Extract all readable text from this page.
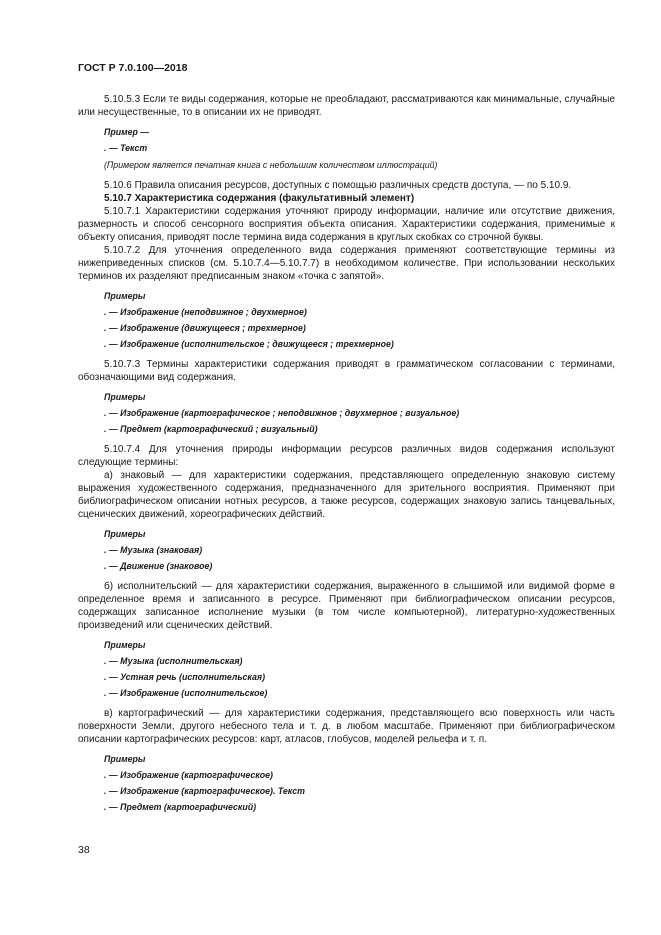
ГОСТ Р 7.0.100—2018

5.10.5.3 Если те виды содержания, которые не преобладают, рассматриваются как минимальные, случайные или несущественные, то в описании их не приводят.

Пример —

. — Текст

(Примером является печатная книга с небольшим количеством иллюстраций)

5.10.6 Правила описания ресурсов, доступных с помощью различных средств доступа, — по 5.10.9.

5.10.7 Характеристика содержания (факультативный элемент)

5.10.7.1 Характеристики содержания уточняют природу информации, наличие или отсутствие движения, размерность и способ сенсорного восприятия объекта описания. Характеристики содержания, применимые к объекту описания, приводят после термина вида содержания в круглых скобках со строчной буквы.

5.10.7.2 Для уточнения определенного вида содержания применяют соответствующие термины из нижеприведенных списков (см. 5.10.7.4—5.10.7.7) в необходимом количестве. При использовании нескольких терминов их разделяют предписанным знаком «точка с запятой».

Примеры

. — Изображение (неподвижное ; двухмерное)

. — Изображение (движущееся ; трехмерное)

. — Изображение (исполнительское ; движущееся ; трехмерное)

5.10.7.3 Термины характеристики содержания приводят в грамматическом согласовании с терминами, обозначающими вид содержания.

Примеры

. — Изображение (картографическое ; неподвижное ; двухмерное ; визуальное)

. — Предмет (картографический ; визуальный)

5.10.7.4 Для уточнения природы информации ресурсов различных видов содержания используют следующие термины:

а) знаковый — для характеристики содержания, представляющего определенную знаковую систему выражения художественного содержания, предназначенного для зрительного восприятия. Применяют при библиографическом описании нотных ресурсов, а также ресурсов, содержащих знаковую запись танцевальных, сценических движений, хореографических действий.

Примеры

. — Музыка (знаковая)

. — Движение (знаковое)

б) исполнительский — для характеристики содержания, выраженного в слышимой или видимой форме в определенное время и записанного в ресурсе. Применяют при библиографическом описании ресурсов, содержащих записанное исполнение музыки (в том числе компьютерной), литературно-художественных произведений или сценических действий.

Примеры

. — Музыка (исполнительская)

. — Устная речь (исполнительская)

. — Изображение (исполнительское)

в) картографический — для характеристики содержания, представляющего всю поверхность или часть поверхности Земли, другого небесного тела и т. д. в любом масштабе. Применяют при библиографическом описании картографических ресурсов: карт, атласов, глобусов, моделей рельефа и т. п.

Примеры

. — Изображение (картографическое)

. — Изображение (картографическое). Текст

. — Предмет (картографический)

38
